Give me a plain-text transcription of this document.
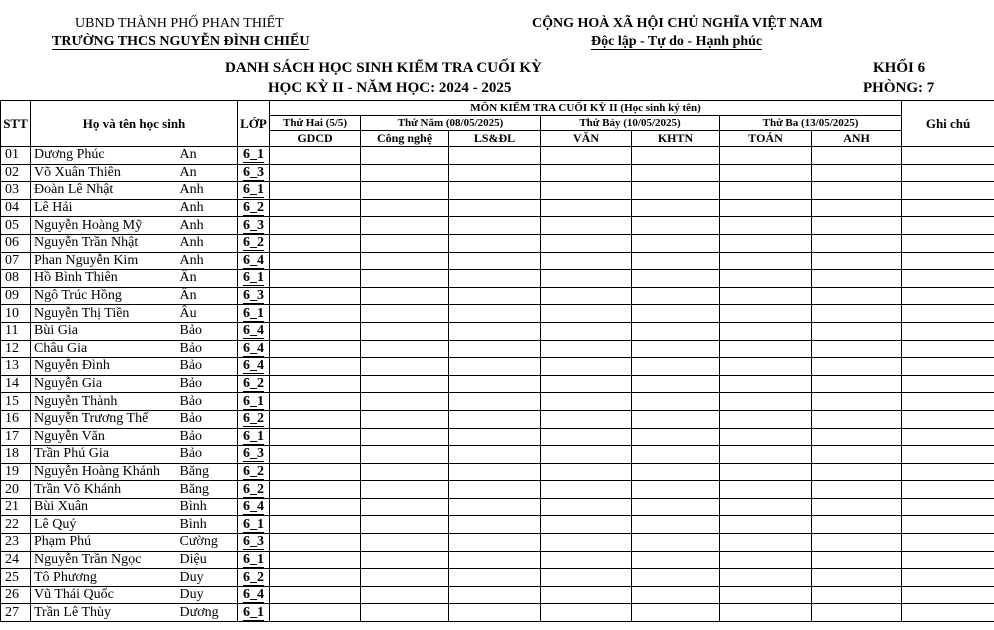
UBND THÀNH PHỐ PHAN THIẾT
TRƯỜNG THCS NGUYỄN ĐÌNH CHIỂU
CỘNG HOÀ XÃ HỘI CHỦ NGHĨA VIỆT NAM
Độc lập - Tự do - Hạnh phúc
DANH SÁCH HỌC SINH KIỂM TRA CUỐI KỲ
HỌC KỲ II - NĂM HỌC: 2024 - 2025
KHỐI 6
PHÒNG: 7
STT	Họ và tên học sinh		LỚP	MÔN KIỂM TRA CUỐI KỲ II (Học sinh ký tên)							Ghi chú
				Thứ Hai (5/5)	Thứ Năm (08/05/2025)		Thứ Bảy (10/05/2025)		Thứ Ba (13/05/2025)		
				GDCD	Công nghệ	LS&ĐL	VĂN	KHTN	TOÁN	ANH	
01	Dương Phúc	An	6_1								
02	Võ Xuân Thiên	An	6_3								
03	Đoàn Lê Nhật	Anh	6_1								
04	Lê Hải	Anh	6_2								
05	Nguyễn Hoàng Mỹ	Anh	6_3								
06	Nguyễn Trần Nhật	Anh	6_2								
07	Phan Nguyễn Kim	Anh	6_4								
08	Hồ Bình Thiên	Ân	6_1								
09	Ngô Trúc Hồng	Ân	6_3								
10	Nguyễn Thị Tiền	Âu	6_1								
11	Bùi Gia	Bảo	6_4								
12	Châu Gia	Bảo	6_4								
13	Nguyễn Đình	Bảo	6_4								
14	Nguyễn Gia	Bảo	6_2								
15	Nguyễn Thành	Bảo	6_1								
16	Nguyễn Trương Thế	Bảo	6_2								
17	Nguyễn Văn	Bảo	6_1								
18	Trần Phú Gia	Bảo	6_3								
19	Nguyễn Hoàng Khánh	Băng	6_2								
20	Trần Võ Khánh	Băng	6_2								
21	Bùi Xuân	Bình	6_4								
22	Lê Quý	Bình	6_1								
23	Phạm Phú	Cường	6_3								
24	Nguyễn Trần Ngọc	Diệu	6_1								
25	Tô Phương	Duy	6_2								
26	Vũ Thái Quốc	Duy	6_4								
27	Trần Lê Thùy	Dương	6_1								
